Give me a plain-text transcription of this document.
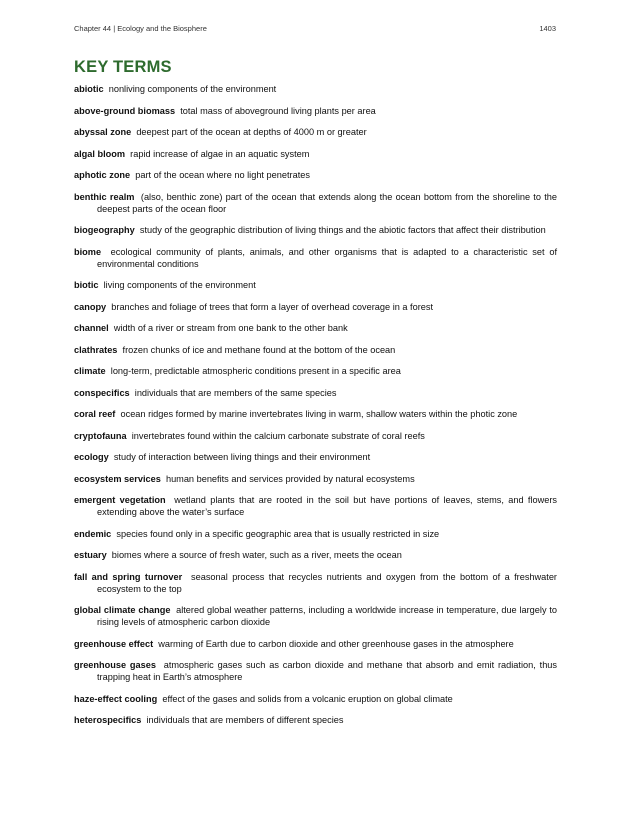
Chapter 44 | Ecology and the Biosphere	1403
KEY TERMS
abiotic nonliving components of the environment
above-ground biomass total mass of aboveground living plants per area
abyssal zone deepest part of the ocean at depths of 4000 m or greater
algal bloom rapid increase of algae in an aquatic system
aphotic zone part of the ocean where no light penetrates
benthic realm (also, benthic zone) part of the ocean that extends along the ocean bottom from the shoreline to the deepest parts of the ocean floor
biogeography study of the geographic distribution of living things and the abiotic factors that affect their distribution
biome ecological community of plants, animals, and other organisms that is adapted to a characteristic set of environmental conditions
biotic living components of the environment
canopy branches and foliage of trees that form a layer of overhead coverage in a forest
channel width of a river or stream from one bank to the other bank
clathrates frozen chunks of ice and methane found at the bottom of the ocean
climate long-term, predictable atmospheric conditions present in a specific area
conspecifics individuals that are members of the same species
coral reef ocean ridges formed by marine invertebrates living in warm, shallow waters within the photic zone
cryptofauna invertebrates found within the calcium carbonate substrate of coral reefs
ecology study of interaction between living things and their environment
ecosystem services human benefits and services provided by natural ecosystems
emergent vegetation wetland plants that are rooted in the soil but have portions of leaves, stems, and flowers extending above the water’s surface
endemic species found only in a specific geographic area that is usually restricted in size
estuary biomes where a source of fresh water, such as a river, meets the ocean
fall and spring turnover seasonal process that recycles nutrients and oxygen from the bottom of a freshwater ecosystem to the top
global climate change altered global weather patterns, including a worldwide increase in temperature, due largely to rising levels of atmospheric carbon dioxide
greenhouse effect warming of Earth due to carbon dioxide and other greenhouse gases in the atmosphere
greenhouse gases atmospheric gases such as carbon dioxide and methane that absorb and emit radiation, thus trapping heat in Earth’s atmosphere
haze-effect cooling effect of the gases and solids from a volcanic eruption on global climate
heterospecifics individuals that are members of different species
